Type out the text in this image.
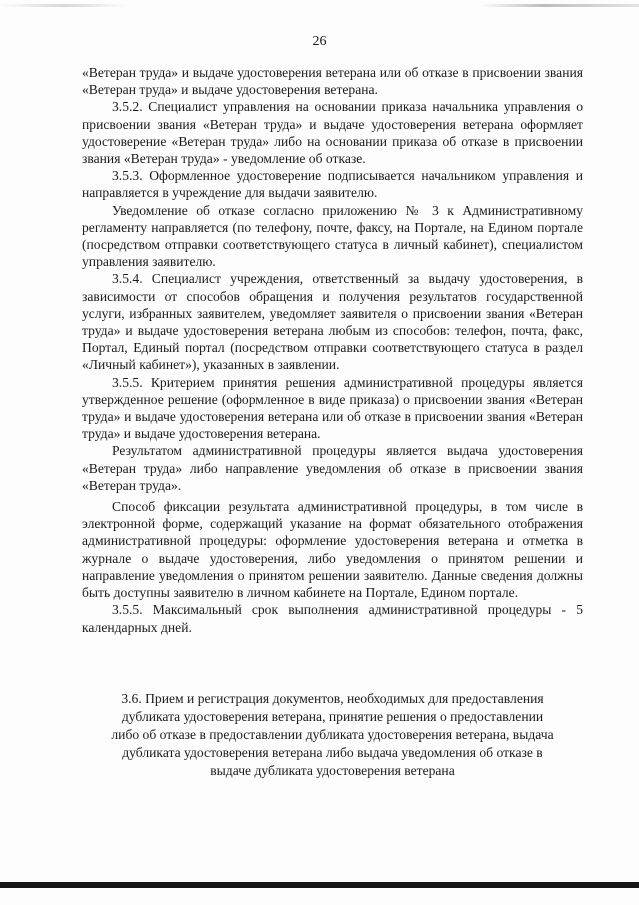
26

«Ветеран труда» и выдаче удостоверения ветерана или об отказе в присвоении звания «Ветеран труда» и выдаче удостоверения ветерана.

3.5.2. Специалист управления на основании приказа начальника управления о присвоении звания «Ветеран труда» и выдаче удостоверения ветерана оформляет удостоверение «Ветеран труда» либо на основании приказа об отказе в присвоении звания «Ветеран труда» - уведомление об отказе.

3.5.3. Оформленное удостоверение подписывается начальником управления и направляется в учреждение для выдачи заявителю.

Уведомление об отказе согласно приложению № 3 к Административному регламенту направляется (по телефону, почте, факсу, на Портале, на Едином портале (посредством отправки соответствующего статуса в личный кабинет), специалистом управления заявителю.

3.5.4. Специалист учреждения, ответственный за выдачу удостоверения, в зависимости от способов обращения и получения результатов государственной услуги, избранных заявителем, уведомляет заявителя о присвоении звания «Ветеран труда» и выдаче удостоверения ветерана любым из способов: телефон, почта, факс, Портал, Единый портал (посредством отправки соответствующего статуса в раздел «Личный кабинет»), указанных в заявлении.

3.5.5. Критерием принятия решения административной процедуры является утвержденное решение (оформленное в виде приказа) о присвоении звания «Ветеран труда» и выдаче удостоверения ветерана или об отказе в присвоении звания «Ветеран труда» и выдаче удостоверения ветерана.

Результатом административной процедуры является выдача удостоверения «Ветеран труда» либо направление уведомления об отказе в присвоении звания «Ветеран труда».

Способ фиксации результата административной процедуры, в том числе в электронной форме, содержащий указание на формат обязательного отображения административной процедуры: оформление удостоверения ветерана и отметка в журнале о выдаче удостоверения, либо уведомления о принятом решении и направление уведомления о принятом решении заявителю. Данные сведения должны быть доступны заявителю в личном кабинете на Портале, Едином портале.

3.5.5. Максимальный срок выполнения административной процедуры - 5 календарных дней.

3.6. Прием и регистрация документов, необходимых для предоставления

дубликата удостоверения ветерана, принятие решения о предоставлении

либо об отказе в предоставлении дубликата удостоверения ветерана, выдача

дубликата удостоверения ветерана либо выдача уведомления об отказе в

выдаче дубликата удостоверения ветерана
